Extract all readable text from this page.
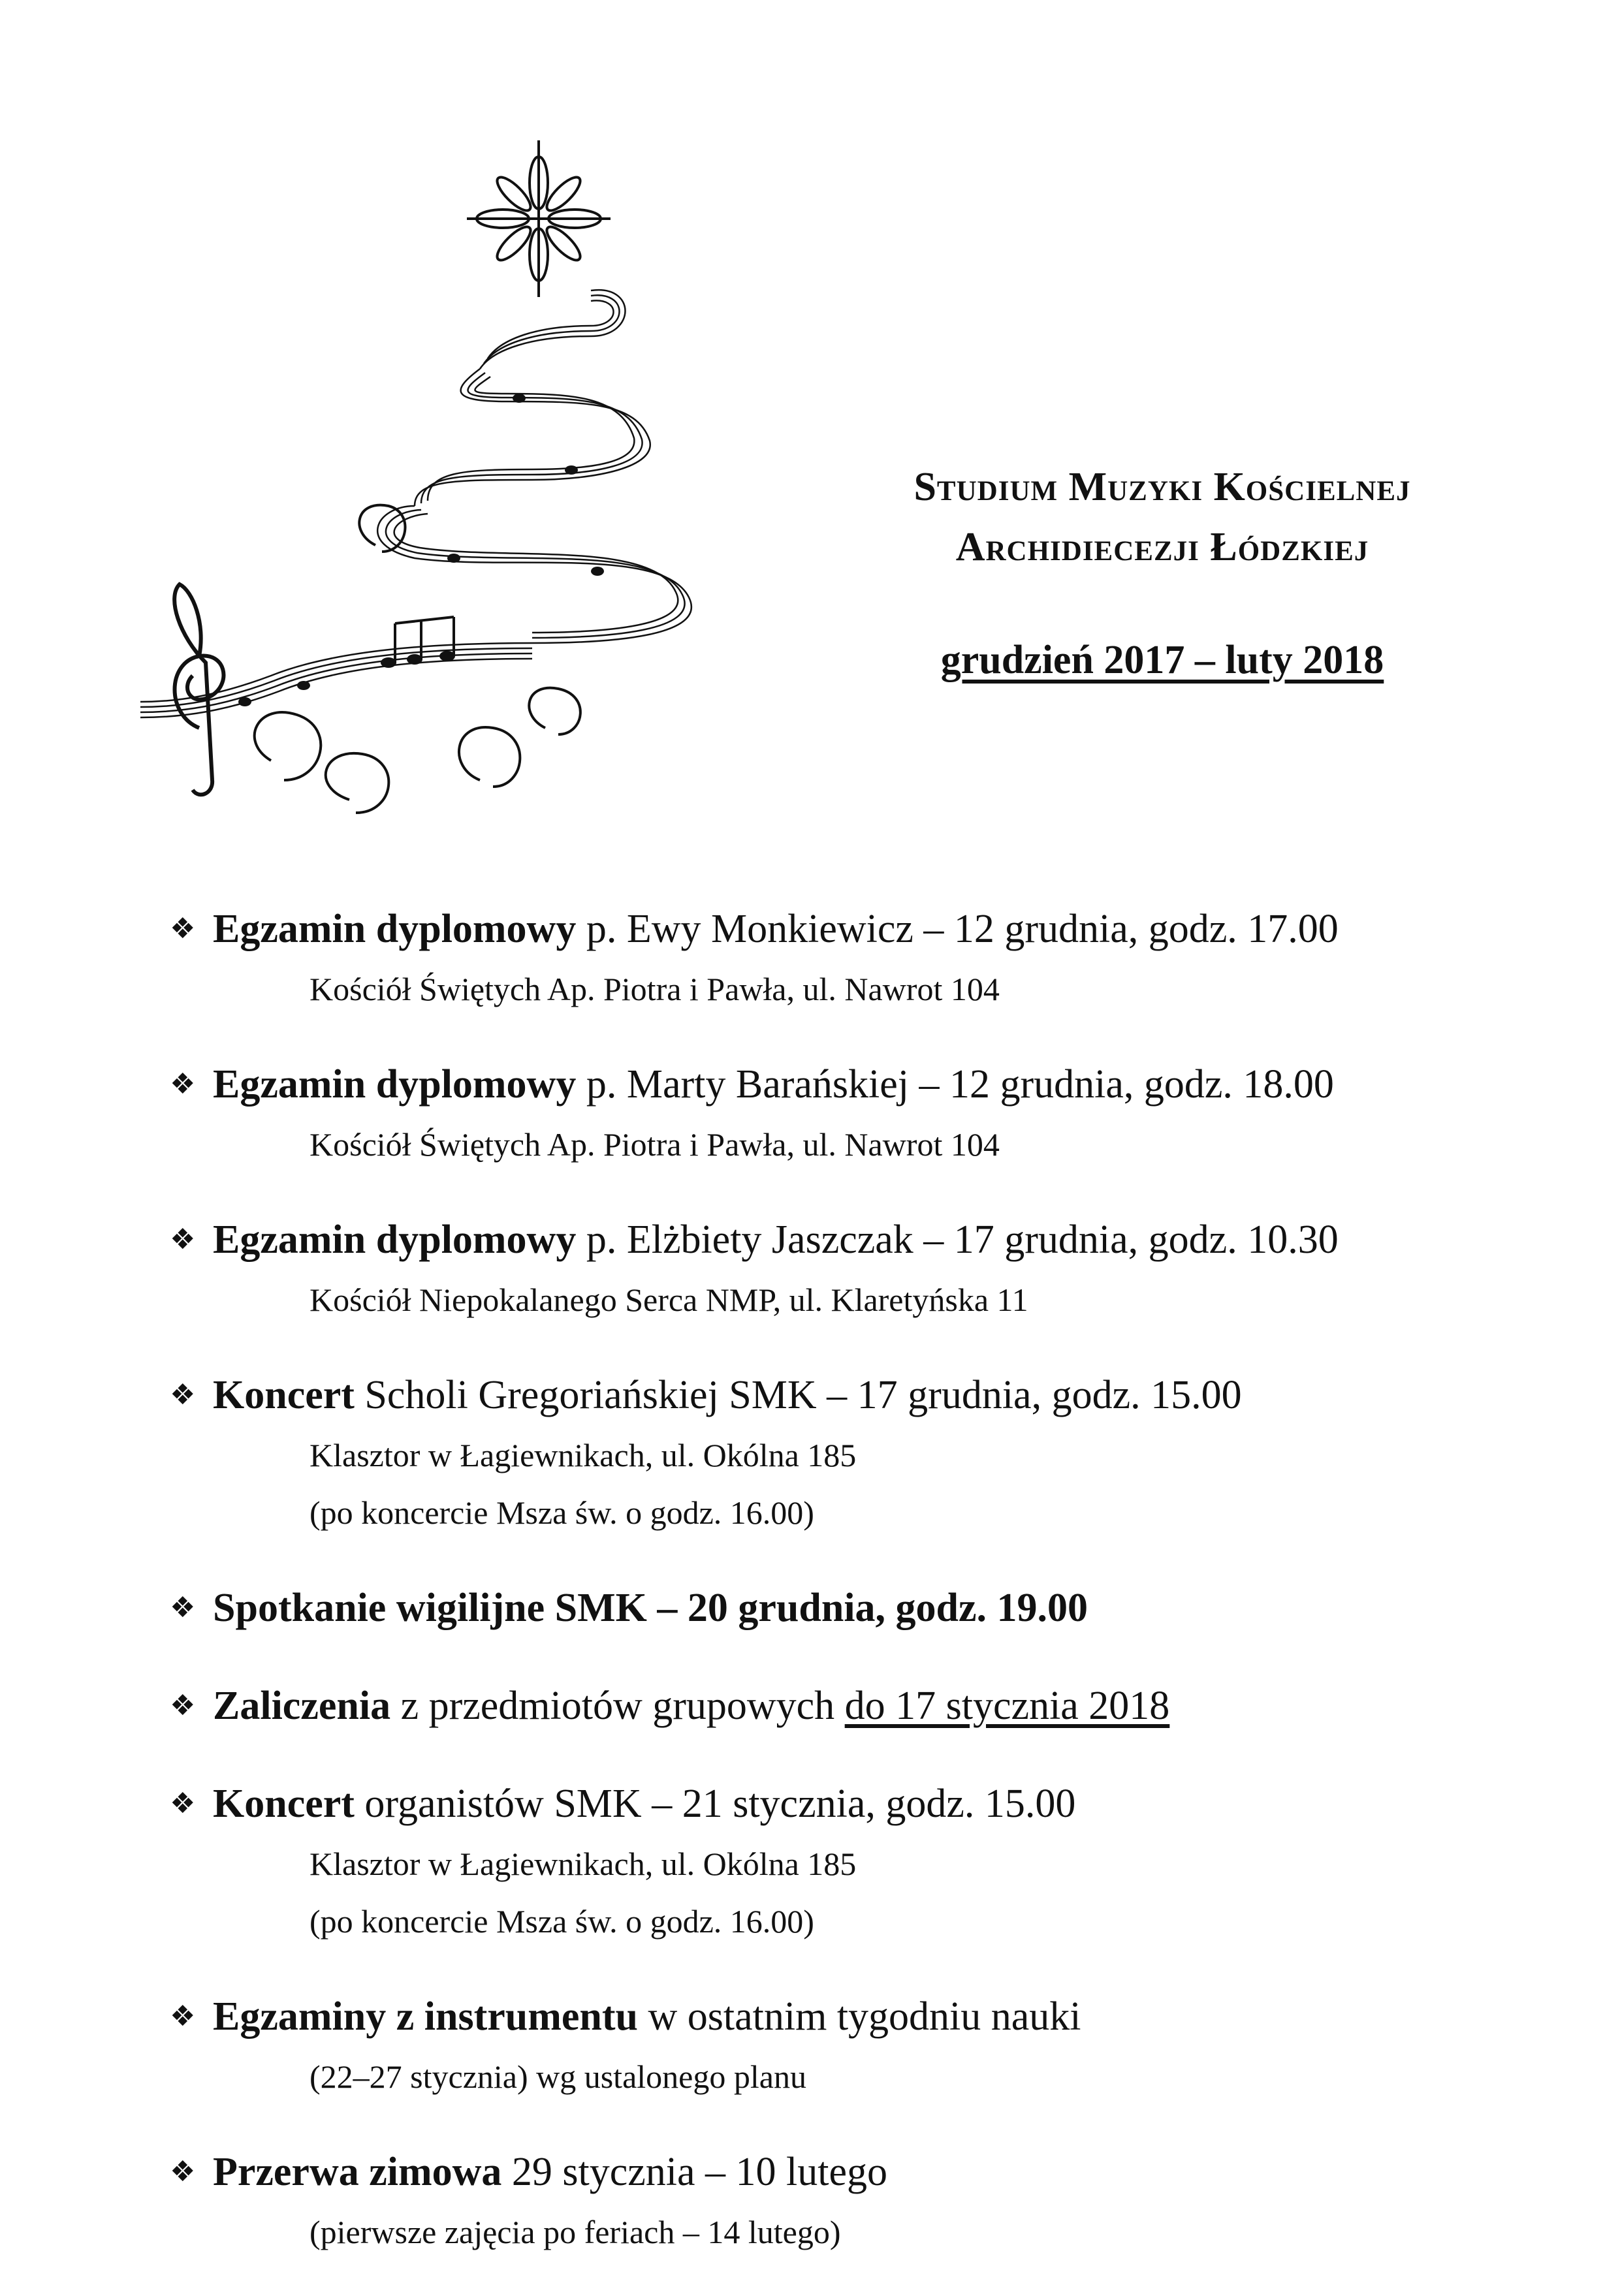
Studium Muzyki Kościelnej
Archidiecezji Łódzkiej
grudzień 2017 – luty 2018
❖ Egzamin dyplomowy p. Ewy Monkiewicz – 12 grudnia, godz. 17.00
Kościół Świętych Ap. Piotra i Pawła, ul. Nawrot 104
❖ Egzamin dyplomowy p. Marty Barańskiej – 12 grudnia, godz. 18.00
Kościół Świętych Ap. Piotra i Pawła, ul. Nawrot 104
❖ Egzamin dyplomowy p. Elżbiety Jaszczak – 17 grudnia, godz. 10.30
Kościół Niepokalanego Serca NMP, ul. Klaretyńska 11
❖ Koncert Scholi Gregoriańskiej SMK – 17 grudnia, godz. 15.00
Klasztor w Łagiewnikach, ul. Okólna 185
(po koncercie Msza św. o godz. 16.00)
❖ Spotkanie wigilijne SMK – 20 grudnia, godz. 19.00
❖ Zaliczenia z przedmiotów grupowych do 17 stycznia 2018
❖ Koncert organistów SMK – 21 stycznia, godz. 15.00
Klasztor w Łagiewnikach, ul. Okólna 185
(po koncercie Msza św. o godz. 16.00)
❖ Egzaminy z instrumentu w ostatnim tygodniu nauki
(22–27 stycznia) wg ustalonego planu
❖ Przerwa zimowa 29 stycznia – 10 lutego
(pierwsze zajęcia po feriach – 14 lutego)
